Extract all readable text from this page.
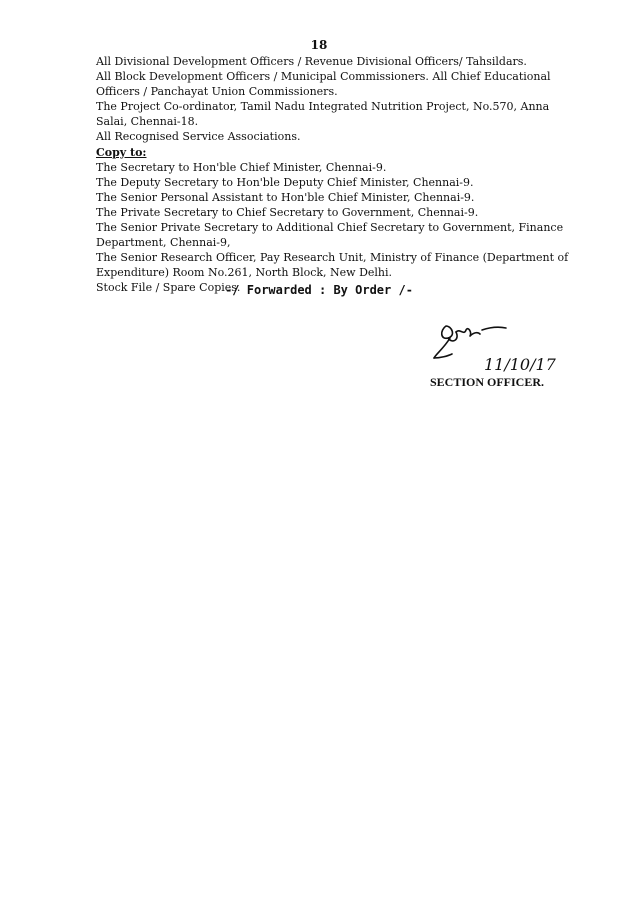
18
All Divisional Development Officers / Revenue Divisional Officers/ Tahsildars.
All Block Development Officers / Municipal Commissioners. All Chief Educational
Officers / Panchayat Union Commissioners.
The Project Co-ordinator, Tamil Nadu Integrated Nutrition Project, No.570, Anna
Salai, Chennai-18.
All Recognised Service Associations.
Copy to:
The Secretary to Hon'ble Chief Minister, Chennai-9.
The Deputy Secretary to Hon'ble Deputy Chief Minister, Chennai-9.
The Senior Personal Assistant to Hon'ble Chief Minister, Chennai-9.
The Private Secretary to Chief Secretary to Government, Chennai-9.
The Senior Private Secretary to Additional Chief Secretary to Government, Finance
Department, Chennai-9,
The Senior Research Officer, Pay Research Unit, Ministry of Finance (Department of
Expenditure) Room No.261, North Block, New Delhi.
Stock File / Spare Copies.
-/ Forwarded : By Order /-
11/10/17
SECTION OFFICER.
